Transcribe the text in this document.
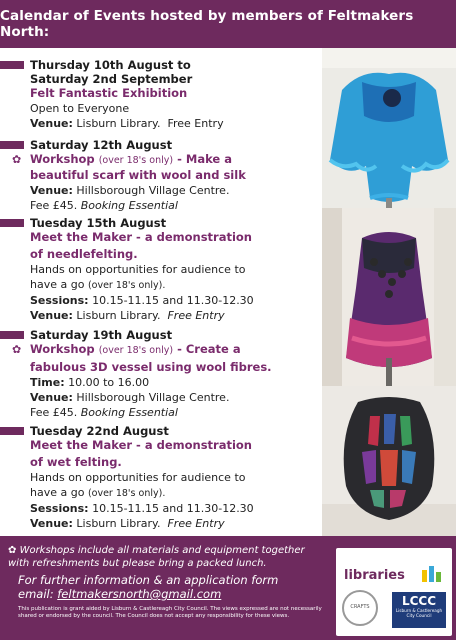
Calendar of Events hosted by members of Feltmakers North:
Thursday 10th August to
Saturday 2nd September
Felt Fantastic Exhibition
Open to Everyone
Venue: Lisburn Library. Free Entry
Saturday 12th August
✿ Workshop (over 18's only) - Make a
beautiful scarf with wool and silk
Venue: Hillsborough Village Centre.
Fee £45. Booking Essential
Tuesday 15th August
Meet the Maker - a demonstration
of needlefelting.
Hands on opportunities for audience to
have a go (over 18's only).
Sessions: 10.15-11.15 and 11.30-12.30
Venue: Lisburn Library. Free Entry
Saturday 19th August
✿ Workshop (over 18's only) - Create a
fabulous 3D vessel using wool fibres.
Time: 10.00 to 16.00
Venue: Hillsborough Village Centre.
Fee £45. Booking Essential
Tuesday 22nd August
Meet the Maker - a demonstration
of wet felting.
Hands on opportunities for audience to
have a go (over 18's only).
Sessions: 10.15-11.15 and 11.30-12.30
Venue: Lisburn Library. Free Entry
✿ Workshops include all materials and equipment together with refreshments but please bring a packed lunch.
For further information & an application form
email: feltmakersnorth@gmail.com
This publication is grant aided by Lisburn & Castlereagh City Council. The views expressed are not necessarily shared or endorsed by the council. The Council does not accept any responsibility for these views.
libraries
CRAFTS	LCCC
Lisburn & Castlereagh City Council
